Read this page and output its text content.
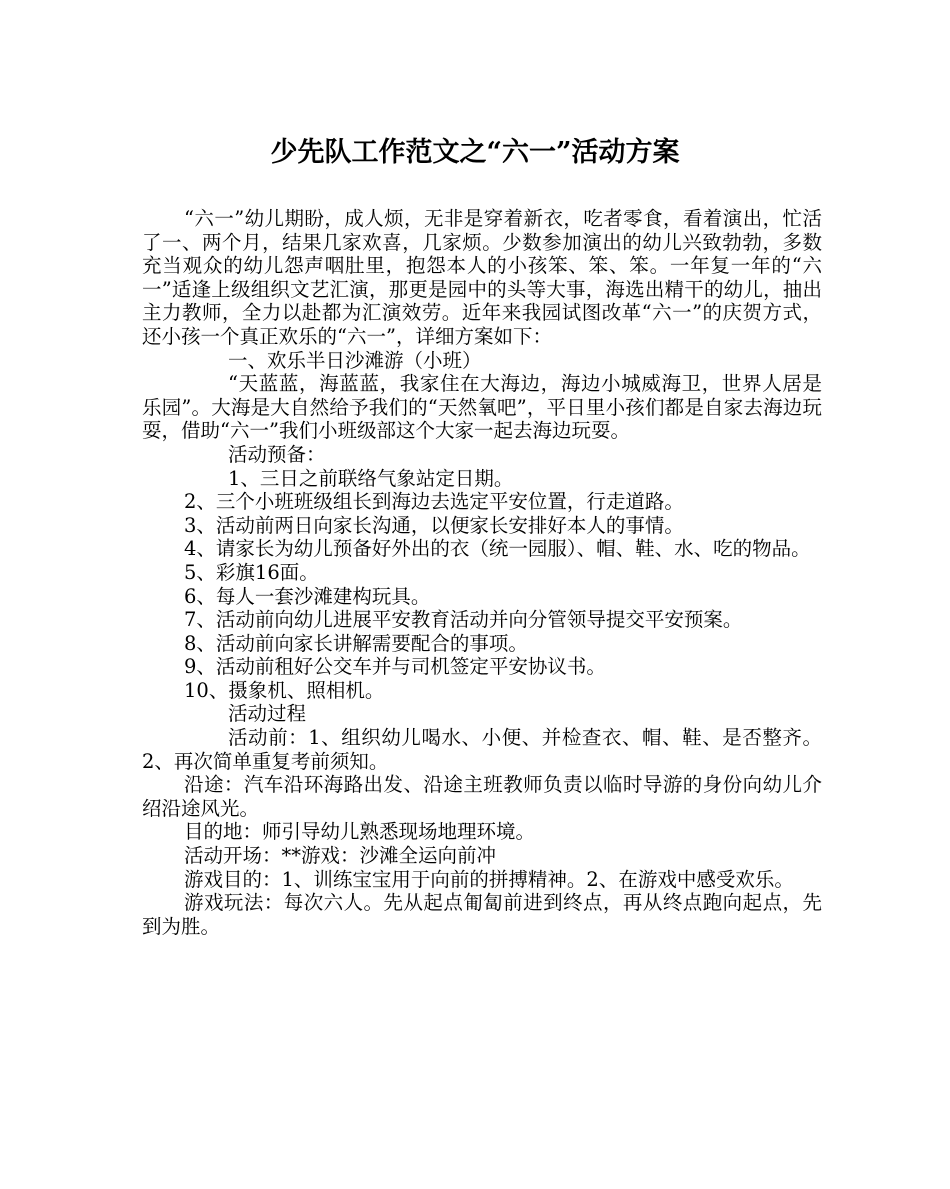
少先队工作范文之“六一”活动方案

“六一”幼儿期盼，成人烦，无非是穿着新衣，吃者零食，看着演出，忙活了一、两个月，结果几家欢喜，几家烦。少数参加演出的幼儿兴致勃勃，多数充当观众的幼儿怨声咽肚里，抱怨本人的小孩笨、笨、笨。一年复一年的“六一”适逢上级组织文艺汇演，那更是园中的头等大事，海选出精干的幼儿，抽出主力教师，全力以赴都为汇演效劳。近年来我园试图改革“六一”的庆贺方式，还小孩一个真正欢乐的“六一”，详细方案如下：

一、欢乐半日沙滩游（小班）

“天蓝蓝，海蓝蓝，我家住在大海边，海边小城威海卫，世界人居是乐园”。大海是大自然给予我们的“天然氧吧”，平日里小孩们都是自家去海边玩耍，借助“六一”我们小班级部这个大家一起去海边玩耍。

活动预备：

1、三日之前联络气象站定日期。

2、三个小班班级组长到海边去选定平安位置，行走道路。

3、活动前两日向家长沟通，以便家长安排好本人的事情。

4、请家长为幼儿预备好外出的衣（统一园服）、帽、鞋、水、吃的物品。

5、彩旗16面。

6、每人一套沙滩建构玩具。

7、活动前向幼儿进展平安教育活动并向分管领导提交平安预案。

8、活动前向家长讲解需要配合的事项。

9、活动前租好公交车并与司机签定平安协议书。

10、摄象机、照相机。

活动过程

活动前：1、组织幼儿喝水、小便、并检查衣、帽、鞋、是否整齐。2、再次简单重复考前须知。

沿途：汽车沿环海路出发、沿途主班教师负责以临时导游的身份向幼儿介绍沿途风光。

目的地：师引导幼儿熟悉现场地理环境。

活动开场：**游戏：沙滩全运向前冲

游戏目的：1、训练宝宝用于向前的拼搏精神。2、在游戏中感受欢乐。

游戏玩法：每次六人。先从起点匍匐前进到终点，再从终点跑向起点，先到为胜。
